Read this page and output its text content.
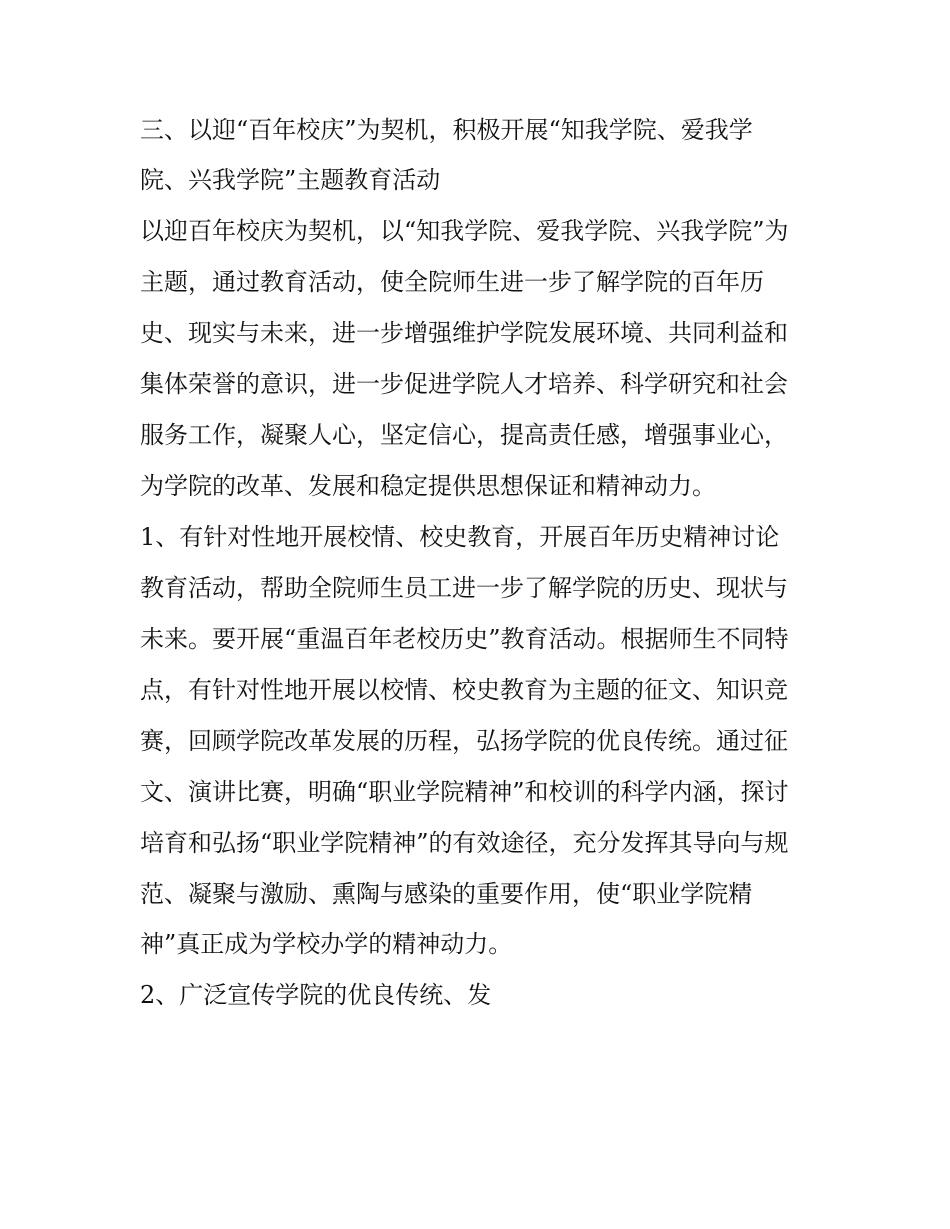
三、以迎“百年校庆”为契机，积极开展“知我学院、爱我学
院、兴我学院”主题教育活动
以迎百年校庆为契机，以“知我学院、爱我学院、兴我学院”为
主题，通过教育活动，使全院师生进一步了解学院的百年历
史、现实与未来，进一步增强维护学院发展环境、共同利益和
集体荣誉的意识，进一步促进学院人才培养、科学研究和社会
服务工作，凝聚人心，坚定信心，提高责任感，增强事业心，
为学院的改革、发展和稳定提供思想保证和精神动力。
1、有针对性地开展校情、校史教育，开展百年历史精神讨论
教育活动，帮助全院师生员工进一步了解学院的历史、现状与
未来。要开展“重温百年老校历史”教育活动。根据师生不同特
点，有针对性地开展以校情、校史教育为主题的征文、知识竞
赛，回顾学院改革发展的历程，弘扬学院的优良传统。通过征
文、演讲比赛，明确“职业学院精神”和校训的科学内涵，探讨
培育和弘扬“职业学院精神”的有效途径，充分发挥其导向与规
范、凝聚与激励、熏陶与感染的重要作用，使“职业学院精
神”真正成为学校办学的精神动力。
2、广泛宣传学院的优良传统、发
